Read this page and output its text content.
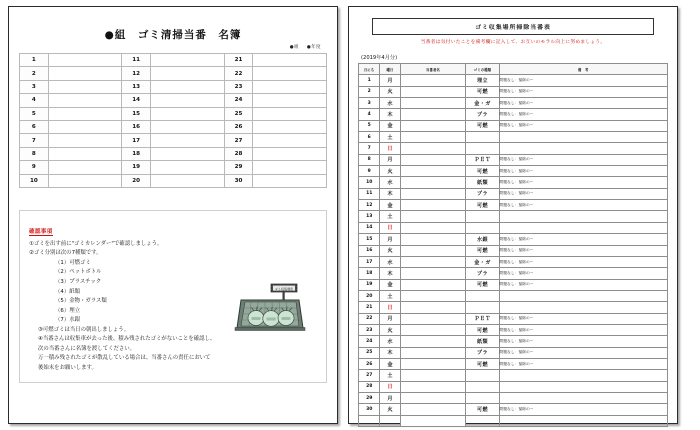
●組　ゴミ清掃当番　名簿
●組 ●年度
1		11		21	
2		12		22	
3		13		23	
4		14		24	
5		15		25	
6		16		26	
7		17		27	
8		18		28	
9		19		29	
10		20		30	
確認事項
①ゴミを出す前に"ゴミカレンダー"で確認しましょう。
②ゴミ分別は次の7種類です。
（1）可燃ゴミ
（2）ペットボトル
（3）プラスチック
（4）紙類
（5）金物・ガラス類
（6）埋立
（7）水銀
③可燃ゴミは当日の朝出しましょう。
④当番さんは収集車が去った後、積み残されたゴミがないことを確認し、
次の当番さんに名簿を渡してください。
万一積み残されたゴミが散乱している場合は、当番さんの責任において
後始末をお願いします。
ゴミ収集場所
ゴミ収集場所掃除当番表
当番者は気付いたことを備考欄に記入して、お互いのモラル向上に努めましょう。
(2019年4月分)
日にち	曜日	当番者名	ゴミの種類	備　考
1	月		埋立	問題なし：掃除のー
2	火		可燃	問題なし：掃除のー
3	水		金・ガ	問題なし：掃除のー
4	木		プラ	問題なし：掃除のー
5	金		可燃	問題なし：掃除のー
6	土			
7	日			
8	月		ＰＥＴ	問題なし：掃除のー
9	火		可燃	問題なし：掃除のー
10	水		紙類	問題なし：掃除のー
11	木		プラ	問題なし：掃除のー
12	金		可燃	問題なし：掃除のー
13	土			
14	日			
15	月		水銀	問題なし：掃除のー
16	火		可燃	問題なし：掃除のー
17	水		金・ガ	問題なし：掃除のー
18	木		プラ	問題なし：掃除のー
19	金		可燃	問題なし：掃除のー
20	土			
21	日			
22	月		ＰＥＴ	問題なし：掃除のー
23	火		可燃	問題なし：掃除のー
24	水		紙類	問題なし：掃除のー
25	木		プラ	問題なし：掃除のー
26	金		可燃	問題なし：掃除のー
27	土			
28	日			
29	月			
30	火		可燃	問題なし：掃除のー
